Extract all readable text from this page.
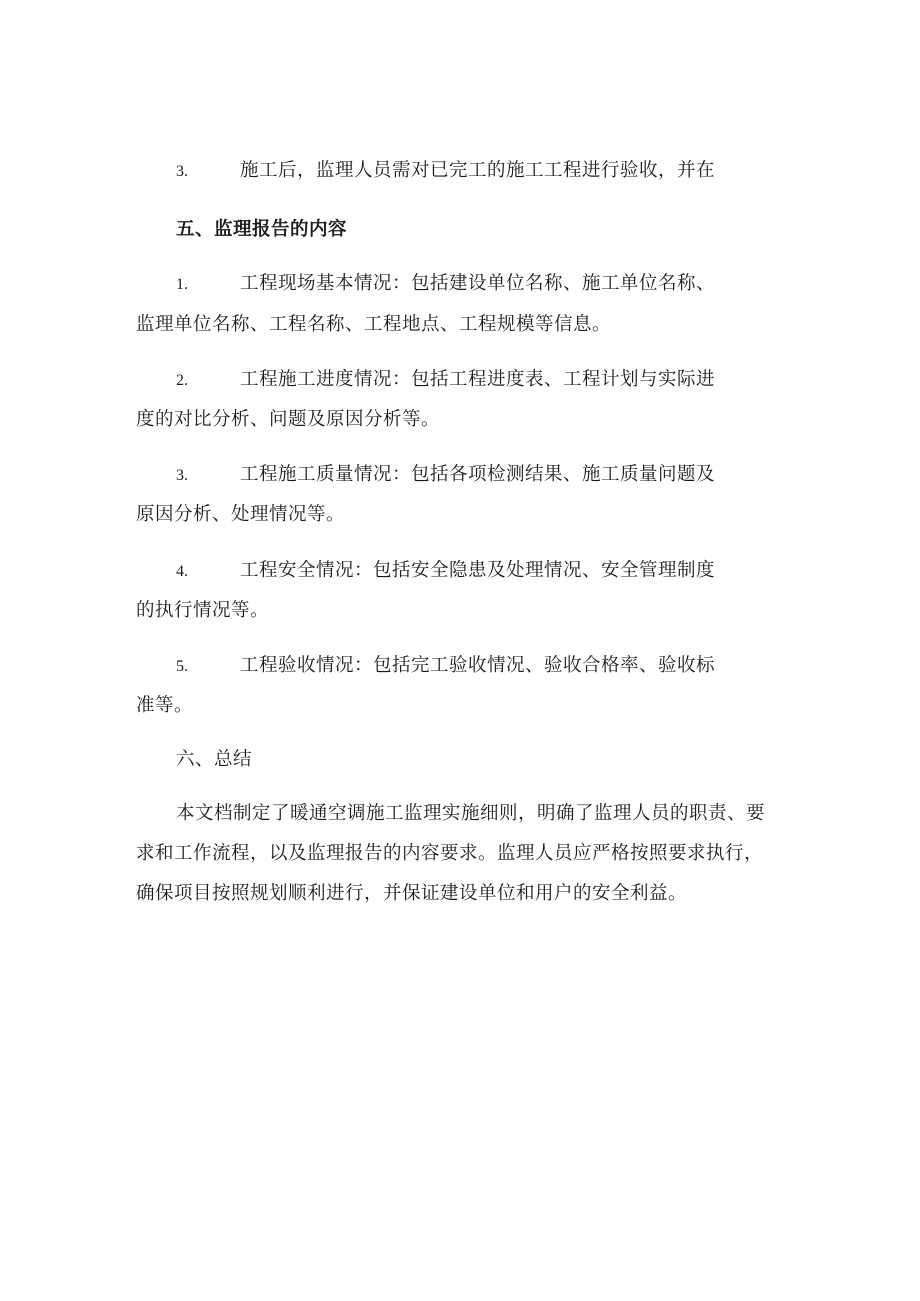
3.	施工后，监理人员需对已完工的施工工程进行验收，并在
五、监理报告的内容
1.	工程现场基本情况：包括建设单位名称、施工单位名称、
监理单位名称、工程名称、工程地点、工程规模等信息。
2.	工程施工进度情况：包括工程进度表、工程计划与实际进
度的对比分析、问题及原因分析等。
3.	工程施工质量情况：包括各项检测结果、施工质量问题及
原因分析、处理情况等。
4.	工程安全情况：包括安全隐患及处理情况、安全管理制度
的执行情况等。
5.	工程验收情况：包括完工验收情况、验收合格率、验收标
准等。
六、总结
本文档制定了暖通空调施工监理实施细则，明确了监理人员的职责、要
求和工作流程，以及监理报告的内容要求。监理人员应严格按照要求执行，
确保项目按照规划顺利进行，并保证建设单位和用户的安全利益。
